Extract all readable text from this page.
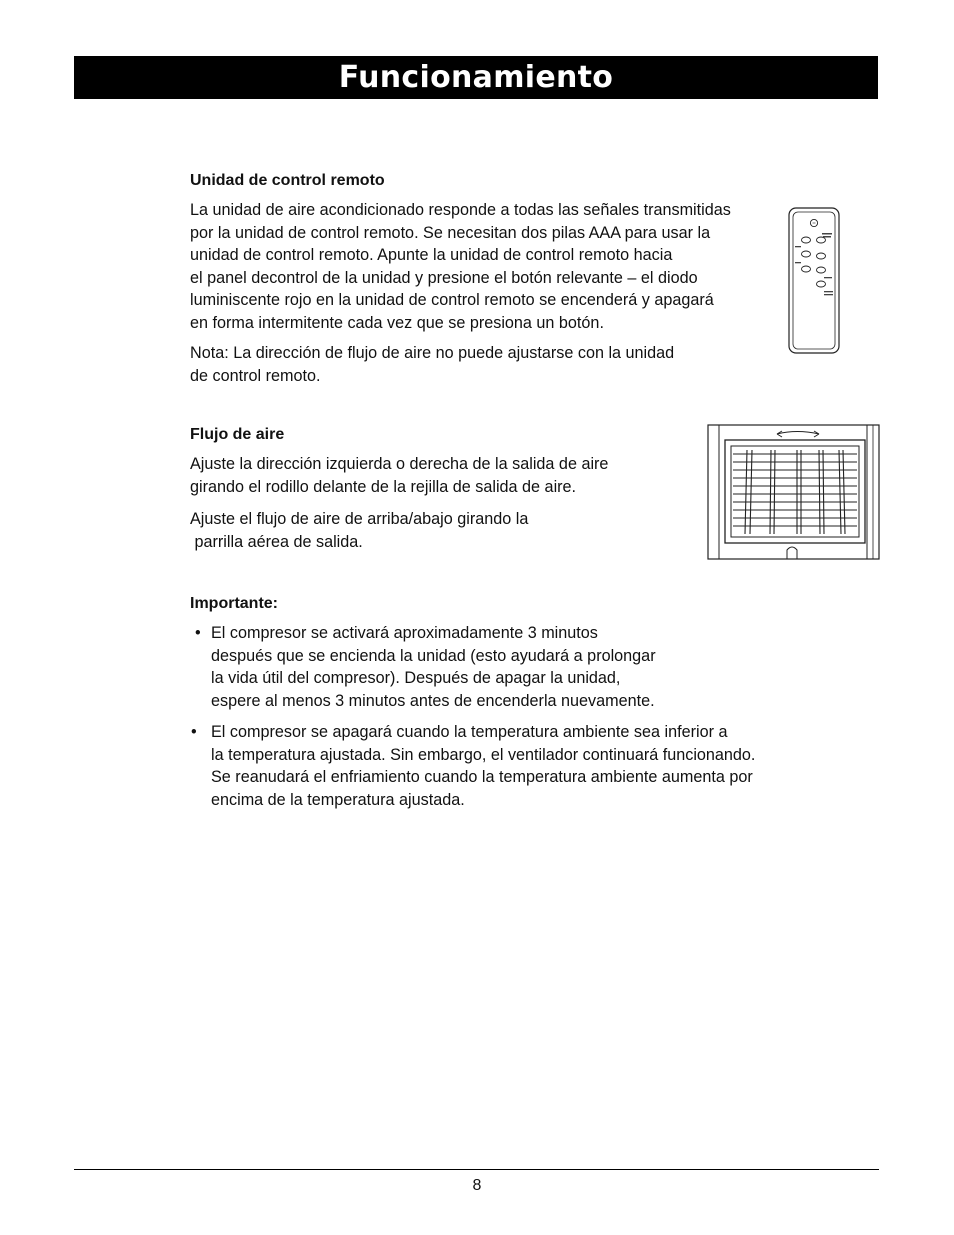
Funcionamiento
Unidad de control remoto

La unidad de aire acondicionado responde a todas las señales transmitidas
por la unidad de control remoto. Se necesitan dos pilas AAA para usar la
unidad de control remoto. Apunte la unidad de control remoto hacia
el panel decontrol de la unidad y presione el botón relevante – el diodo
luminiscente rojo en la unidad de control remoto se encenderá y apagará
en forma intermitente cada vez que se presiona un botón.

Nota: La dirección de flujo de aire no puede ajustarse con la unidad
de control remoto.

Flujo de aire

Ajuste la dirección izquierda o derecha de la salida de aire
girando el rodillo delante de la rejilla de salida de aire.

Ajuste el flujo de aire de arriba/abajo girando la
parrilla aérea de salida.

Importante:
• El compresor se activará aproximadamente 3 minutos
después que se encienda la unidad (esto ayudará a prolongar
la vida útil del compresor). Después de apagar la unidad,
espere al menos 3 minutos antes de encenderla nuevamente.

• El compresor se apagará cuando la temperatura ambiente sea inferior a
la temperatura ajustada. Sin embargo, el ventilador continuará funcionando.
Se reanudará el enfriamiento cuando la temperatura ambiente aumenta por
encima de la temperatura ajustada.

8
